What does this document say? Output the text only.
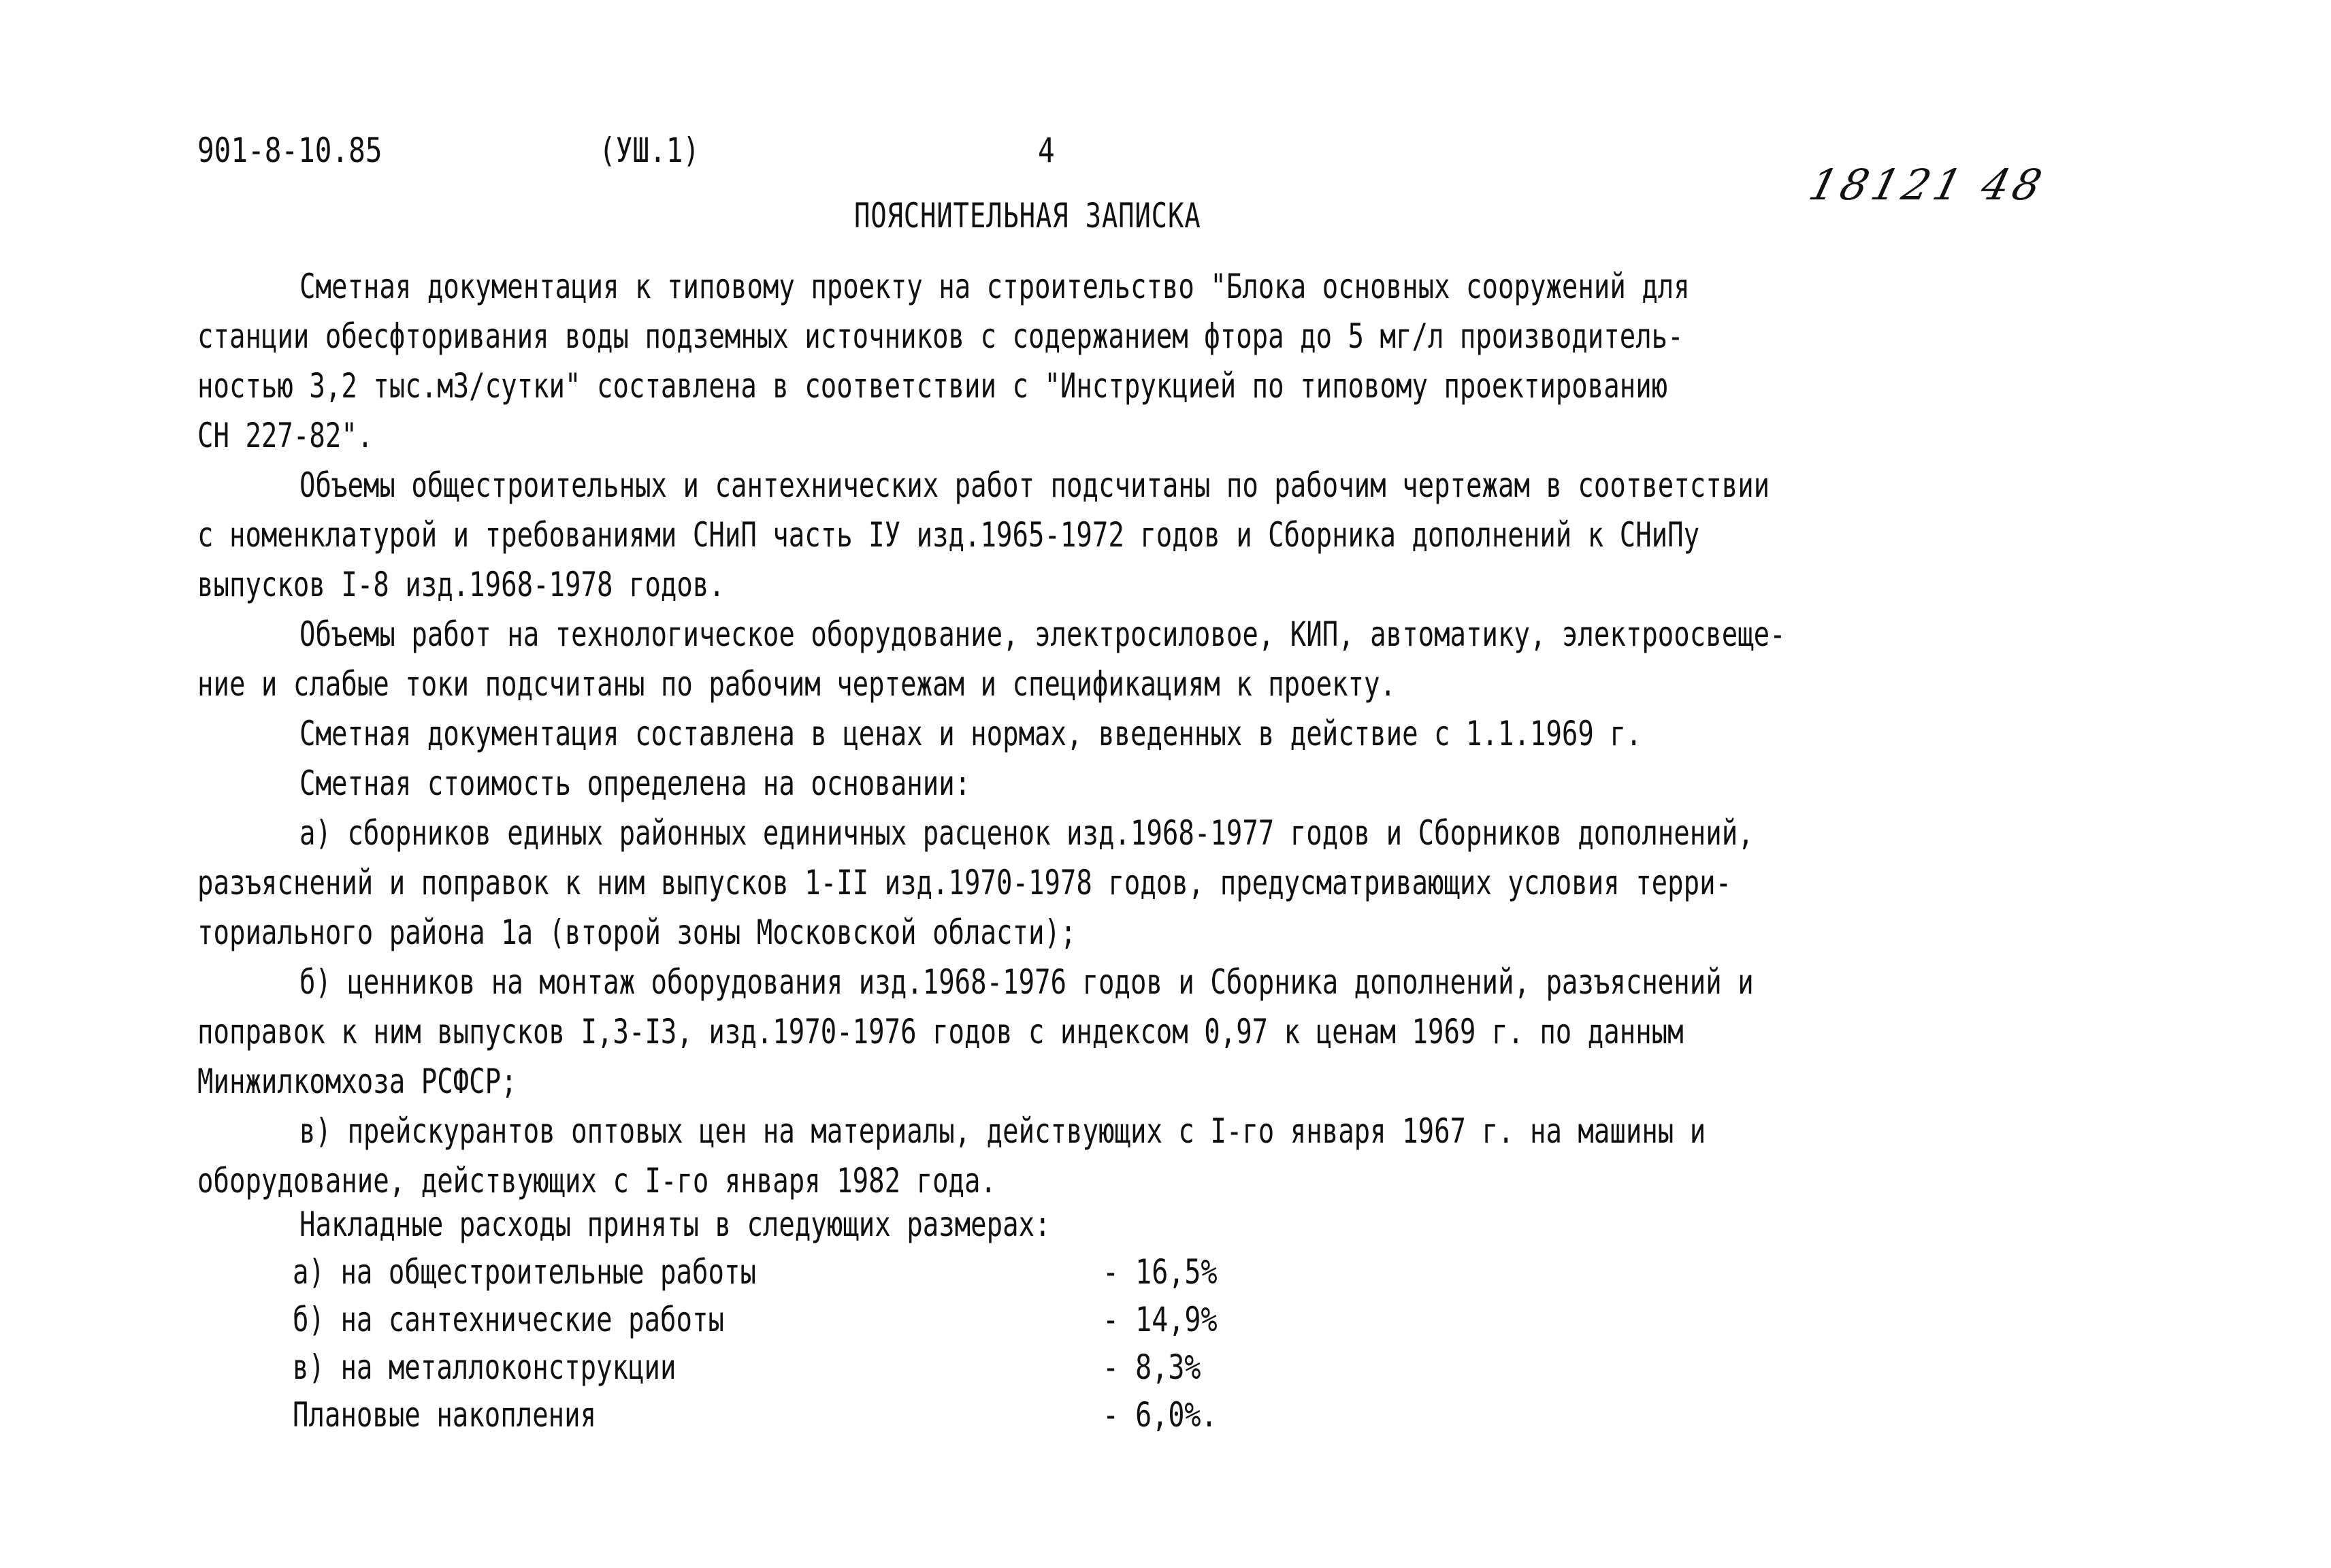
901-8-10.85	(УШ.1)	4
18121 48
ПОЯСНИТЕЛЬНАЯ ЗАПИСКА
Сметная документация к типовому проекту на строительство "Блока основных сооружений для
станции обесфторивания воды подземных источников с содержанием фтора до 5 мг/л производитель-
ностью 3,2 тыс.м3/сутки" составлена в соответствии с "Инструкцией по типовому проектированию
СН 227-82".
Объемы общестроительных и сантехнических работ подсчитаны по рабочим чертежам в соответствии
с номенклатурой и требованиями СНиП часть IУ изд.1965-1972 годов и Сборника дополнений к СНиПу
выпусков I-8 изд.1968-1978 годов.
Объемы работ на технологическое оборудование, электросиловое, КИП, автоматику, электроосвеще-
ние и слабые токи подсчитаны по рабочим чертежам и спецификациям к проекту.
Сметная документация составлена в ценах и нормах, введенных в действие с 1.1.1969 г.
Сметная стоимость определена на основании:
а) сборников единых районных единичных расценок изд.1968-1977 годов и Сборников дополнений,
разъяснений и поправок к ним выпусков 1-II изд.1970-1978 годов, предусматривающих условия терри-
ториального района 1а (второй зоны Московской области);
б) ценников на монтаж оборудования изд.1968-1976 годов и Сборника дополнений, разъяснений и
поправок к ним выпусков I,3-I3, изд.1970-1976 годов с индексом 0,97 к ценам 1969 г. по данным
Минжилкомхоза РСФСР;
в) прейскурантов оптовых цен на материалы, действующих с I-го января 1967 г. на машины и
оборудование, действующих с I-го января 1982 года.
Накладные расходы приняты в следующих размерах:
а) на общестроительные работы	- 16,5%
б) на сантехнические работы	- 14,9%
в) на металлоконструкции	- 8,3%
Плановые накопления	- 6,0%.
